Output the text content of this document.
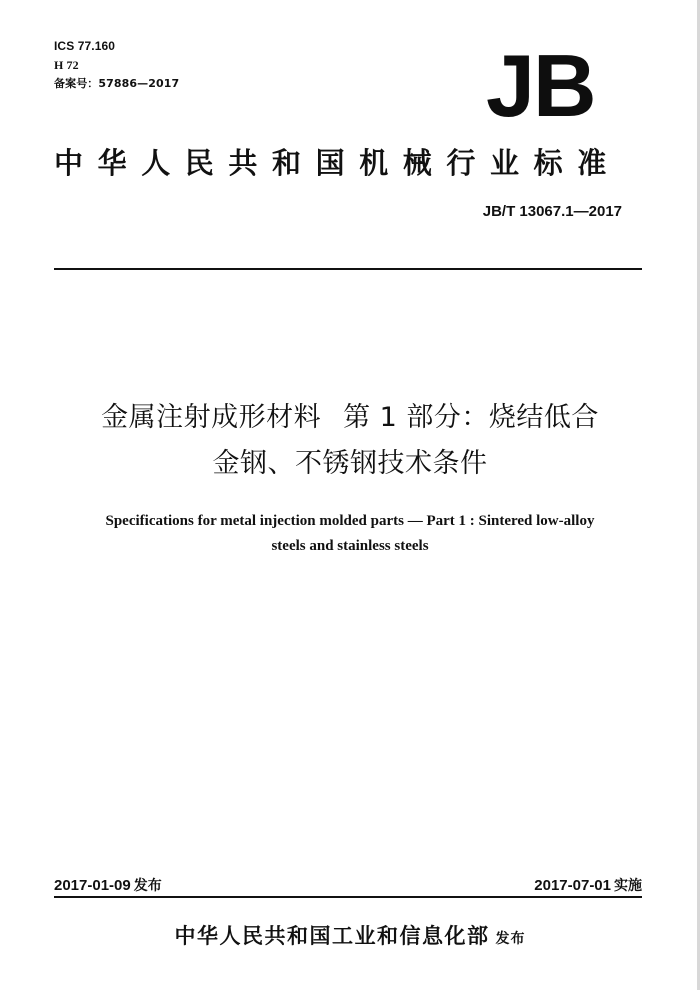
ICS 77.160
H 72
备案号：57886—2017	JB
中华人民共和国机械行业标准
JB/T 13067.1—2017
金属注射成形材料 第 1 部分：烧结低合
金钢、不锈钢技术条件
Specifications for metal injection molded parts — Part 1 : Sintered low-alloy
steels and stainless steels
2017-01-09 发布	2017-07-01 实施
中华人民共和国工业和信息化部 发布
